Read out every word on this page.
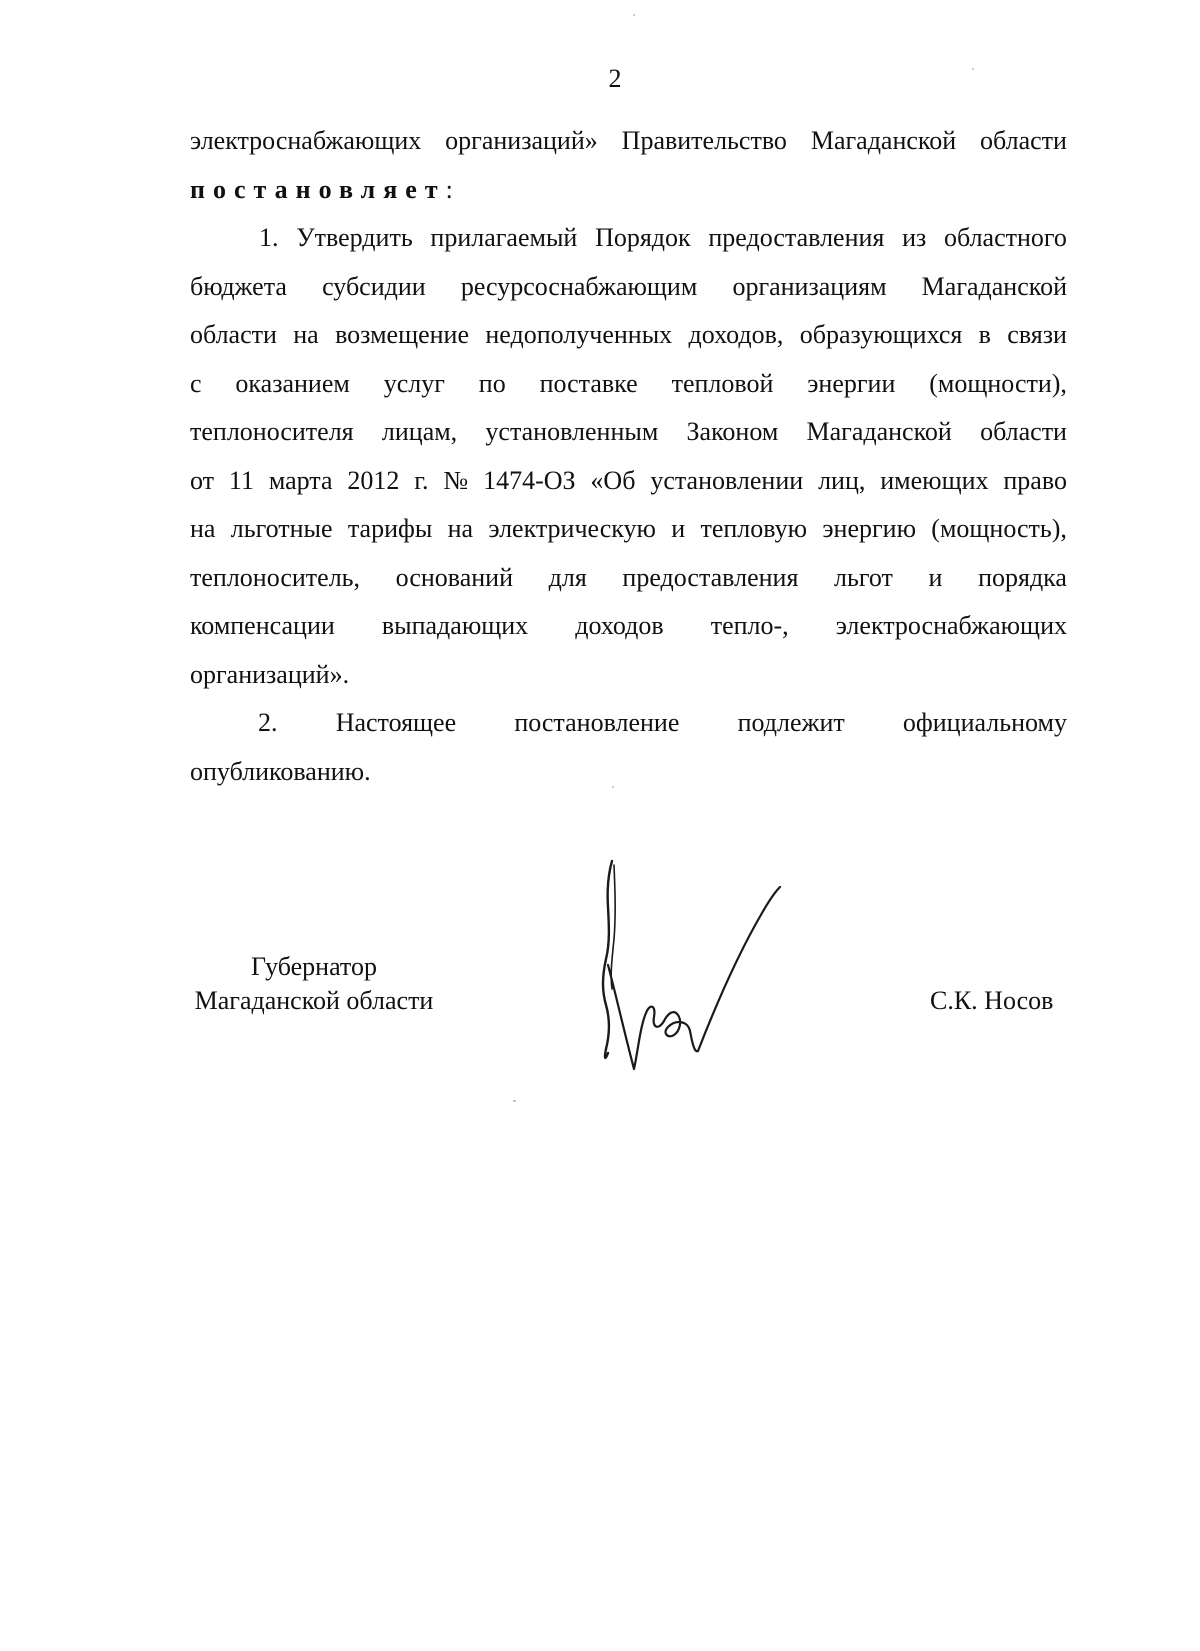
2
электроснабжающих организаций» Правительство Магаданской области
постановляет :
1. Утвердить прилагаемый Порядок предоставления из областного
бюджета субсидии ресурсоснабжающим организациям Магаданской
области на возмещение недополученных доходов, образующихся в связи
с оказанием услуг по поставке тепловой энергии (мощности),
теплоносителя лицам, установленным Законом Магаданской области
от 11 марта 2012 г. № 1474-ОЗ «Об установлении лиц, имеющих право
на льготные тарифы на электрическую и тепловую энергию (мощность),
теплоноситель, оснований для предоставления льгот и порядка
компенсации выпадающих доходов тепло-, электроснабжающих
организаций».
2. Настоящее постановление подлежит официальному
опубликованию.
Губернатор
Магаданской области	С.К. Носов
